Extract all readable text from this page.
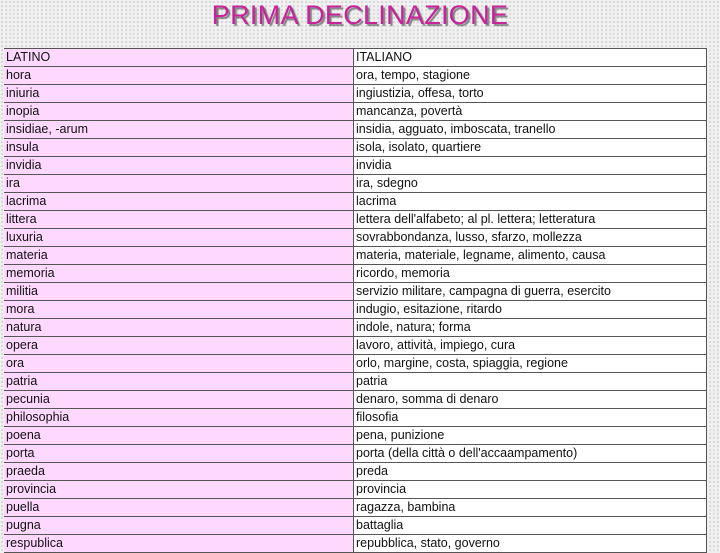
PRIMA DECLINAZIONE
LATINO	ITALIANO
hora	ora, tempo, stagione
iniuria	ingiustizia, offesa, torto
inopia	mancanza, povertà
insidiae, -arum	insidia, agguato, imboscata, tranello
insula	isola, isolato, quartiere
invidia	invidia
ira	ira, sdegno
lacrima	lacrima
littera	lettera dell'alfabeto; al pl. lettera; letteratura
luxuria	sovrabbondanza, lusso, sfarzo, mollezza
materia	materia, materiale, legname, alimento, causa
memoria	ricordo, memoria
militia	servizio militare, campagna di guerra, esercito
mora	indugio, esitazione, ritardo
natura	indole, natura; forma
opera	lavoro, attività, impiego, cura
ora	orlo, margine, costa, spiaggia, regione
patria	patria
pecunia	denaro, somma di denaro
philosophia	filosofia
poena	pena, punizione
porta	porta (della città o dell'accaampamento)
praeda	preda
provincia	provincia
puella	ragazza, bambina
pugna	battaglia
respublica	repubblica, stato, governo
